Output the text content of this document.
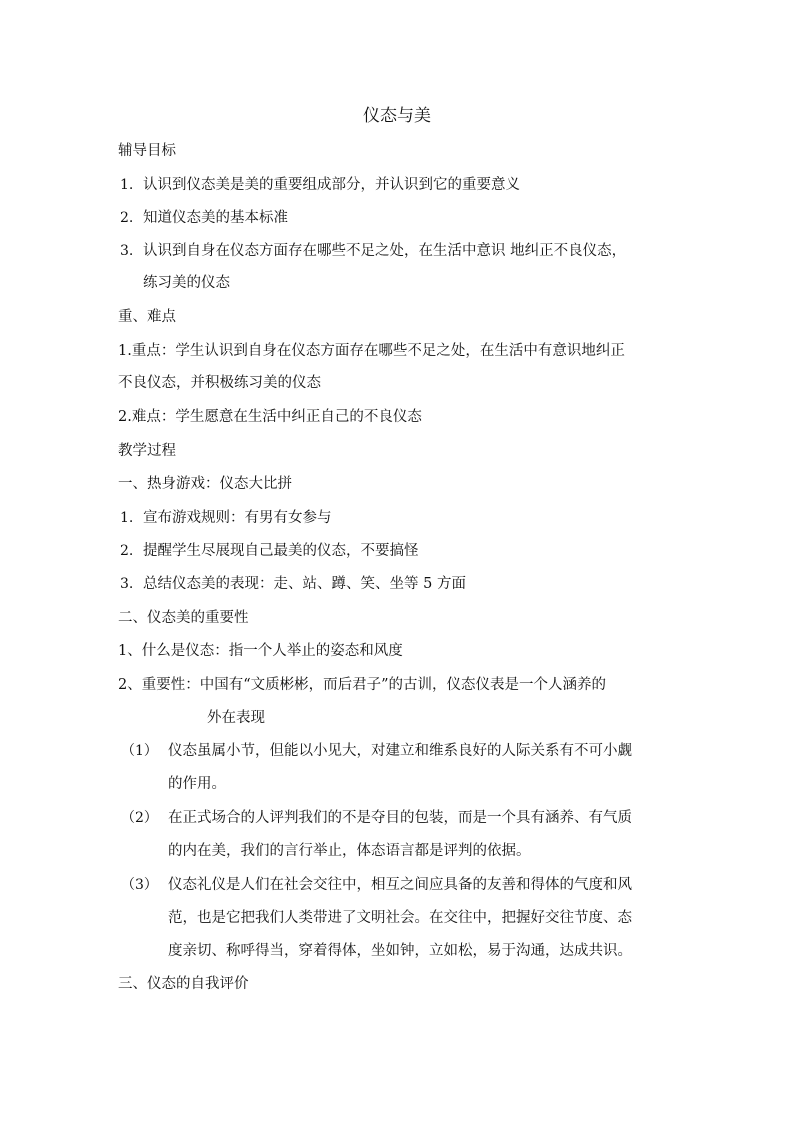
仪态与美
辅导目标
1. 认识到仪态美是美的重要组成部分，并认识到它的重要意义
2. 知道仪态美的基本标准
3. 认识到自身在仪态方面存在哪些不足之处，在生活中意识 地纠正不良仪态，
练习美的仪态
重、难点
1.重点：学生认识到自身在仪态方面存在哪些不足之处，在生活中有意识地纠正
不良仪态，并积极练习美的仪态
2.难点：学生愿意在生活中纠正自己的不良仪态
教学过程
一、热身游戏：仪态大比拼
1. 宣布游戏规则：有男有女参与
2. 提醒学生尽展现自己最美的仪态，不要搞怪
3. 总结仪态美的表现：走、站、蹲、笑、坐等 5 方面
二、仪态美的重要性
1、什么是仪态：指一个人举止的姿态和风度
2、重要性：中国有“文质彬彬，而后君子”的古训，仪态仪表是一个人涵养的
外在表现
（1） 仪态虽属小节，但能以小见大，对建立和维系良好的人际关系有不可小觑
的作用。
（2） 在正式场合的人评判我们的不是夺目的包装，而是一个具有涵养、有气质
的内在美，我们的言行举止，体态语言都是评判的依据。
（3） 仪态礼仪是人们在社会交往中，相互之间应具备的友善和得体的气度和风
范，也是它把我们人类带进了文明社会。在交往中，把握好交往节度、态
度亲切、称呼得当，穿着得体，坐如钟，立如松，易于沟通，达成共识。
三、仪态的自我评价
